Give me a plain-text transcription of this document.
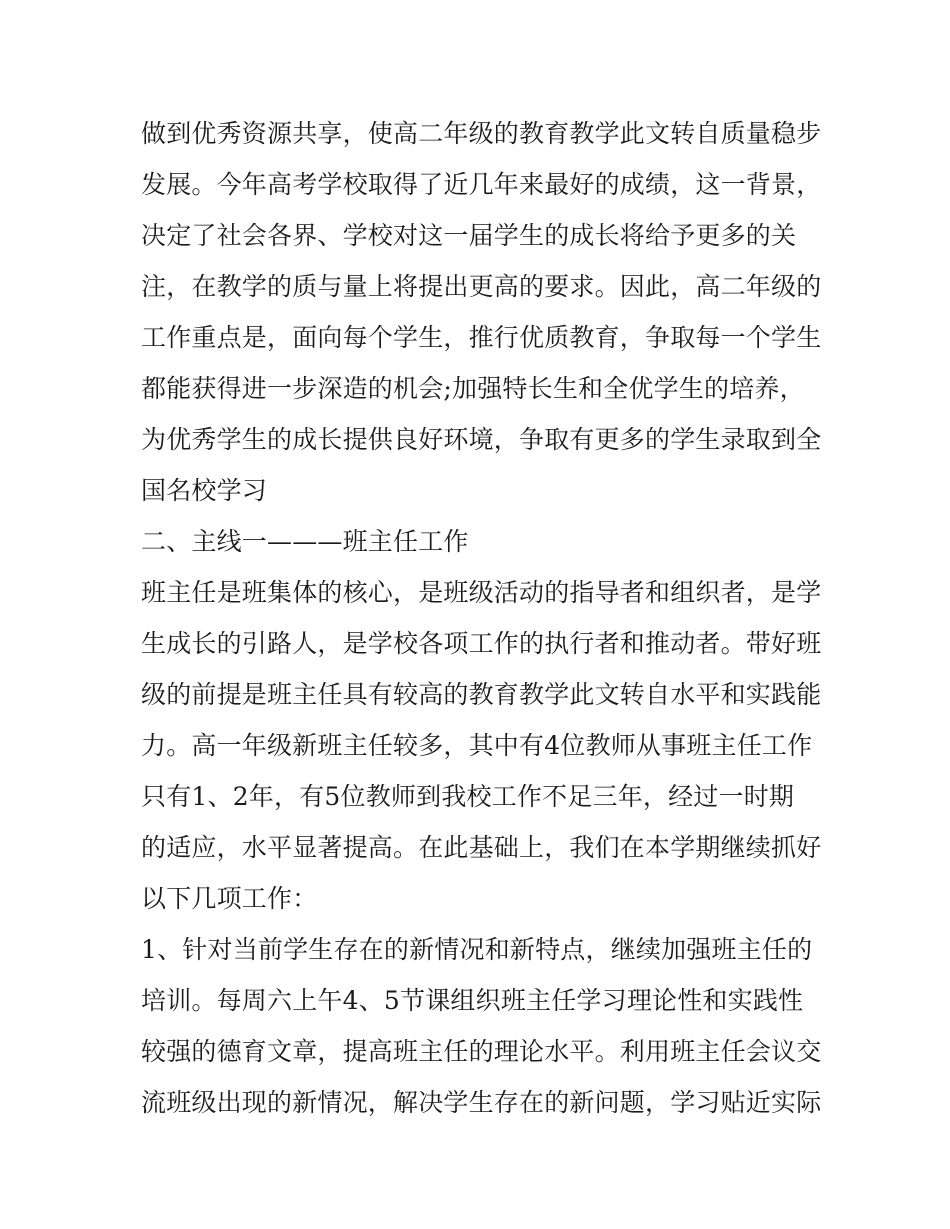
做到优秀资源共享，使高二年级的教育教学此文转自质量稳步
发展。今年高考学校取得了近几年来最好的成绩，这一背景，
决定了社会各界、学校对这一届学生的成长将给予更多的关
注，在教学的质与量上将提出更高的要求。因此，高二年级的
工作重点是，面向每个学生，推行优质教育，争取每一个学生
都能获得进一步深造的机会;加强特长生和全优学生的培养，
为优秀学生的成长提供良好环境，争取有更多的学生录取到全
国名校学习
二、主线一———班主任工作
班主任是班集体的核心，是班级活动的指导者和组织者，是学
生成长的引路人，是学校各项工作的执行者和推动者。带好班
级的前提是班主任具有较高的教育教学此文转自水平和实践能
力。高一年级新班主任较多，其中有4位教师从事班主任工作
只有1、2年，有5位教师到我校工作不足三年，经过一时期
的适应，水平显著提高。在此基础上，我们在本学期继续抓好
以下几项工作：
1、针对当前学生存在的新情况和新特点，继续加强班主任的
培训。每周六上午4、5节课组织班主任学习理论性和实践性
较强的德育文章，提高班主任的理论水平。利用班主任会议交
流班级出现的新情况，解决学生存在的新问题，学习贴近实际
